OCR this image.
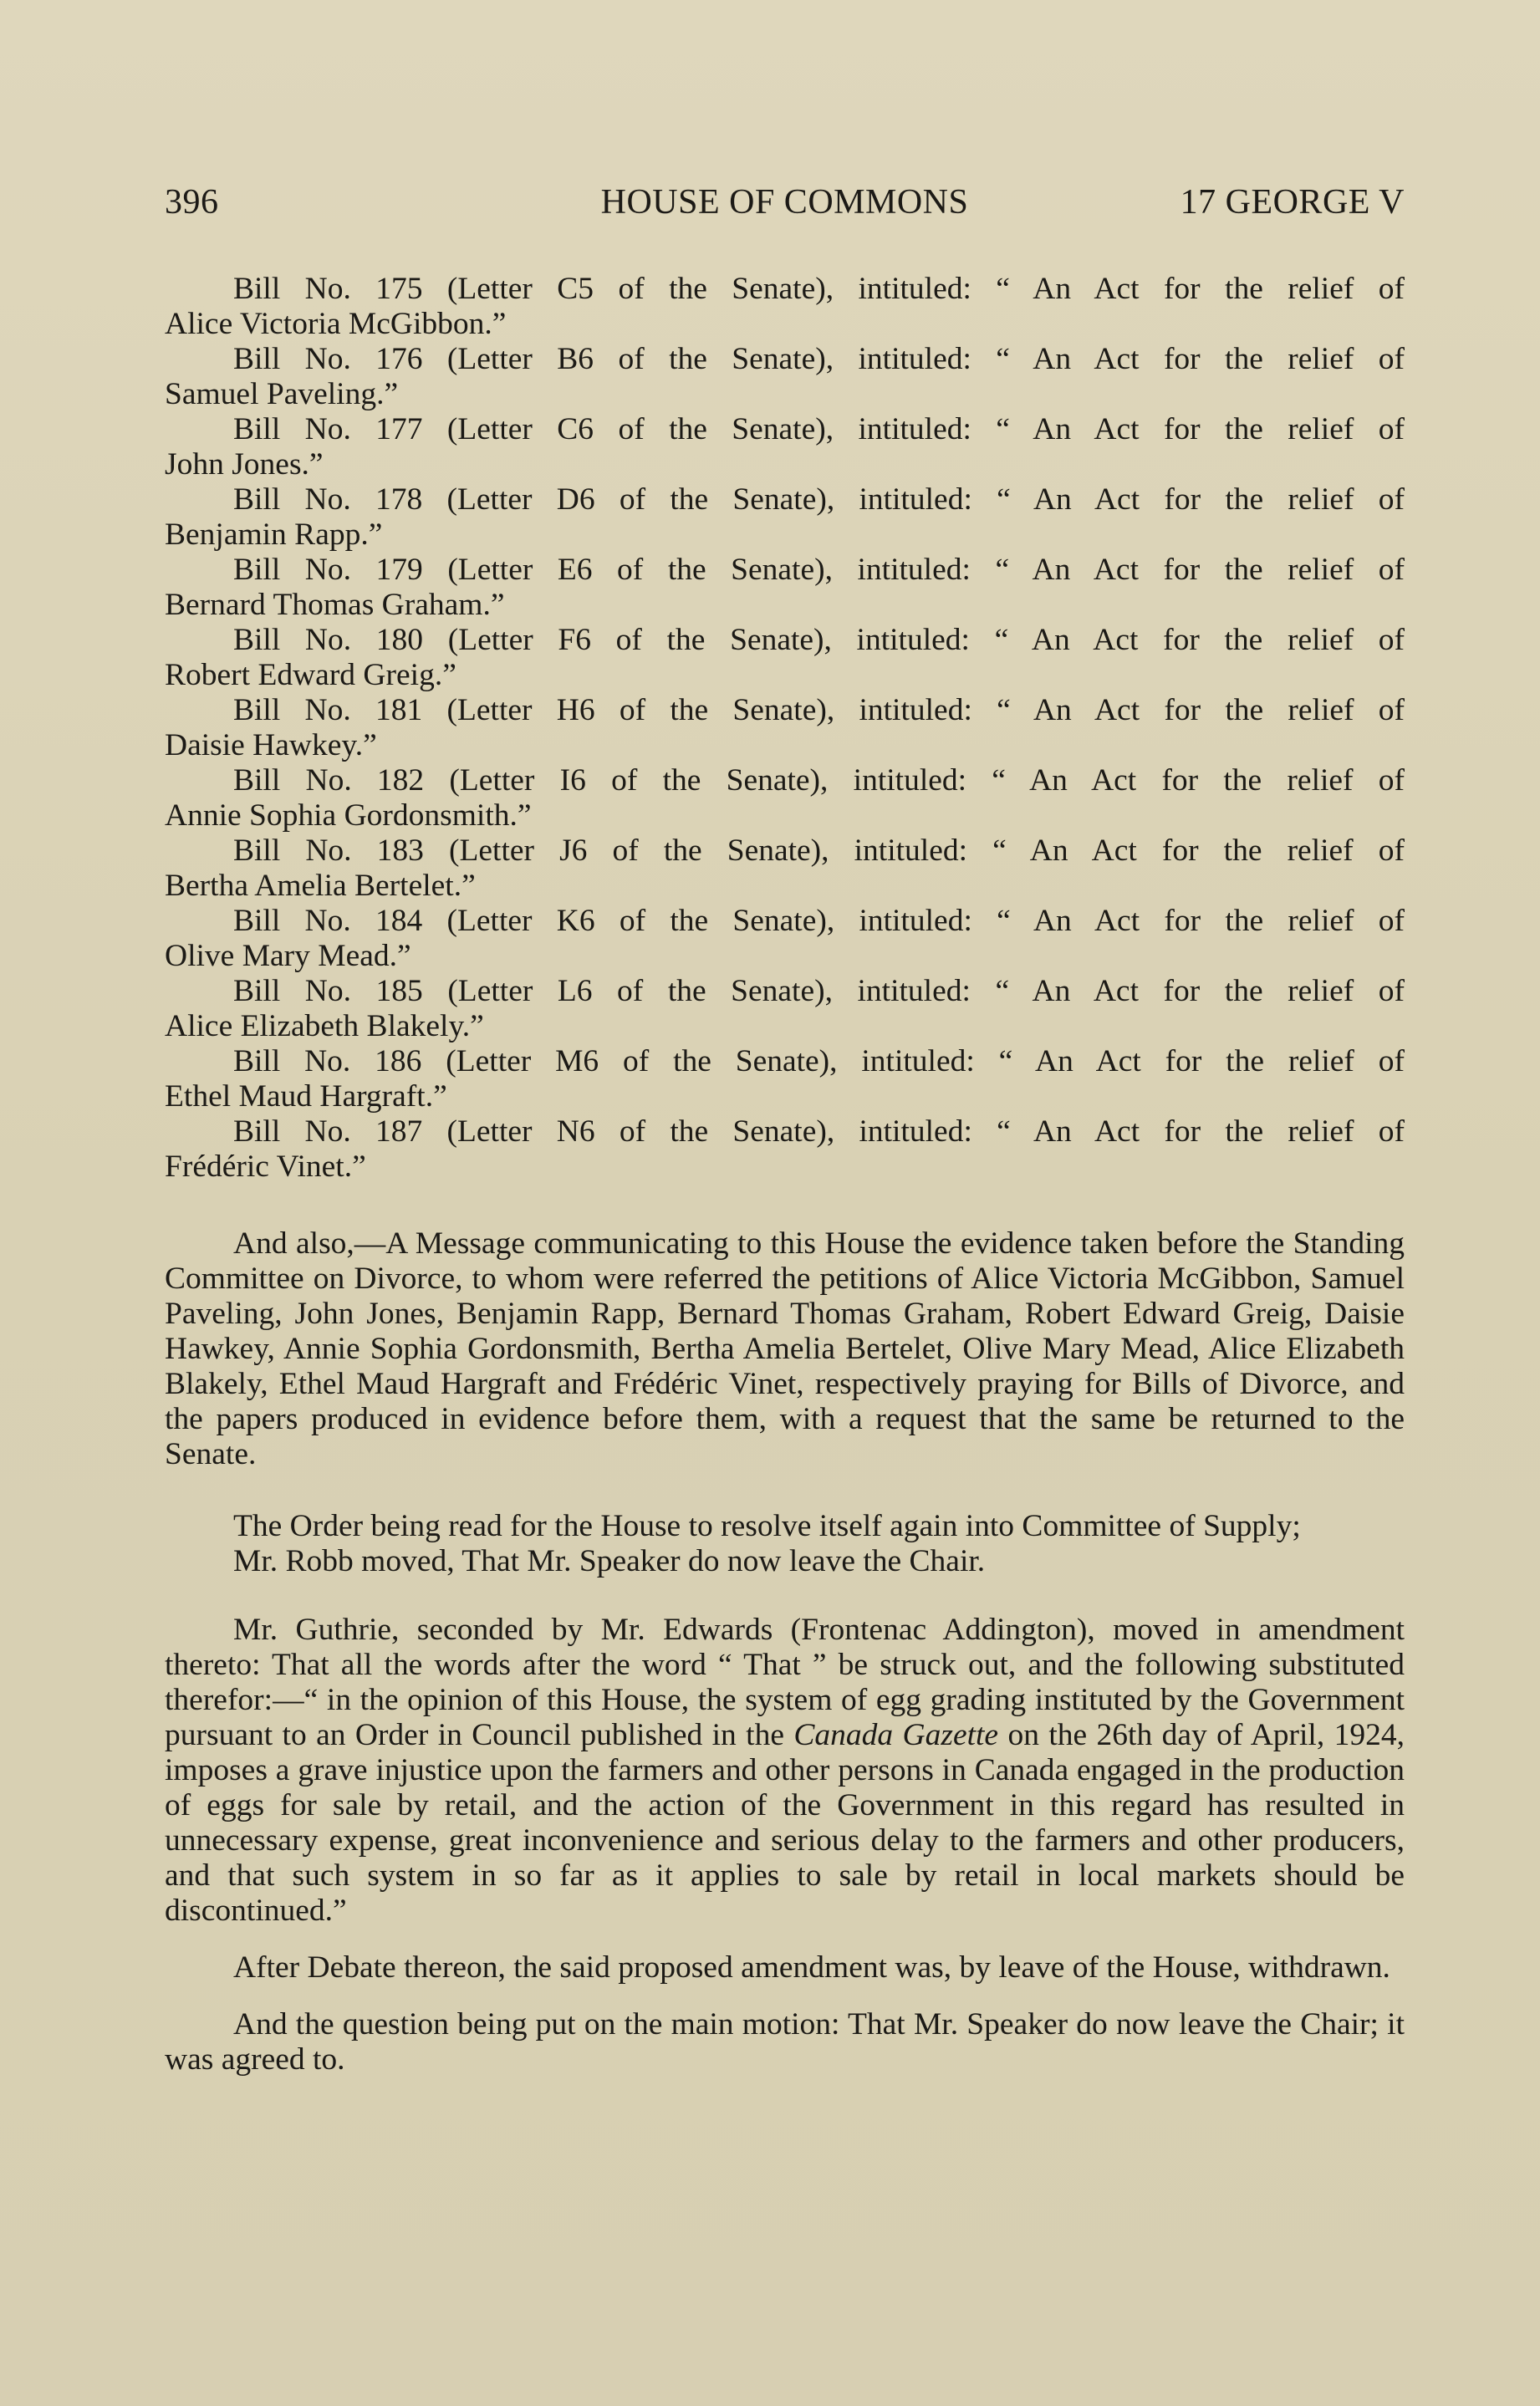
396	HOUSE OF COMMONS	17 GEORGE V
Bill No. 175 (Letter C5 of the Senate), intituled: “ An Act for the relief of
Alice Victoria McGibbon.”
Bill No. 176 (Letter B6 of the Senate), intituled: “ An Act for the relief of
Samuel Paveling.”
Bill No. 177 (Letter C6 of the Senate), intituled: “ An Act for the relief of
John Jones.”
Bill No. 178 (Letter D6 of the Senate), intituled: “ An Act for the relief of
Benjamin Rapp.”
Bill No. 179 (Letter E6 of the Senate), intituled: “ An Act for the relief of
Bernard Thomas Graham.”
Bill No. 180 (Letter F6 of the Senate), intituled: “ An Act for the relief of
Robert Edward Greig.”
Bill No. 181 (Letter H6 of the Senate), intituled: “ An Act for the relief of
Daisie Hawkey.”
Bill No. 182 (Letter I6 of the Senate), intituled: “ An Act for the relief of
Annie Sophia Gordonsmith.”
Bill No. 183 (Letter J6 of the Senate), intituled: “ An Act for the relief of
Bertha Amelia Bertelet.”
Bill No. 184 (Letter K6 of the Senate), intituled: “ An Act for the relief of
Olive Mary Mead.”
Bill No. 185 (Letter L6 of the Senate), intituled: “ An Act for the relief of
Alice Elizabeth Blakely.”
Bill No. 186 (Letter M6 of the Senate), intituled: “ An Act for the relief of
Ethel Maud Hargraft.”
Bill No. 187 (Letter N6 of the Senate), intituled: “ An Act for the relief of
Frédéric Vinet.”

And also,—A Message communicating to this House the evidence taken before the Standing Committee on Divorce, to whom were referred the petitions of Alice Victoria McGibbon, Samuel Paveling, John Jones, Benjamin Rapp, Bernard Thomas Graham, Robert Edward Greig, Daisie Hawkey, Annie Sophia Gordonsmith, Bertha Amelia Bertelet, Olive Mary Mead, Alice Elizabeth Blakely, Ethel Maud Hargraft and Frédéric Vinet, respectively praying for Bills of Divorce, and the papers produced in evidence before them, with a request that the same be returned to the Senate.

The Order being read for the House to resolve itself again into Committee of Supply;

Mr. Robb moved, That Mr. Speaker do now leave the Chair.

Mr. Guthrie, seconded by Mr. Edwards (Frontenac Addington), moved in amendment thereto: That all the words after the word “ That ” be struck out, and the following substituted therefor:—“ in the opinion of this House, the system of egg grading instituted by the Government pursuant to an Order in Council published in the Canada Gazette on the 26th day of April, 1924, imposes a grave injustice upon the farmers and other persons in Canada engaged in the production of eggs for sale by retail, and the action of the Government in this regard has resulted in unnecessary expense, great inconvenience and serious delay to the farmers and other producers, and that such system in so far as it applies to sale by retail in local markets should be discontinued.”

After Debate thereon, the said proposed amendment was, by leave of the House, withdrawn.

And the question being put on the main motion: That Mr. Speaker do now leave the Chair; it was agreed to.
